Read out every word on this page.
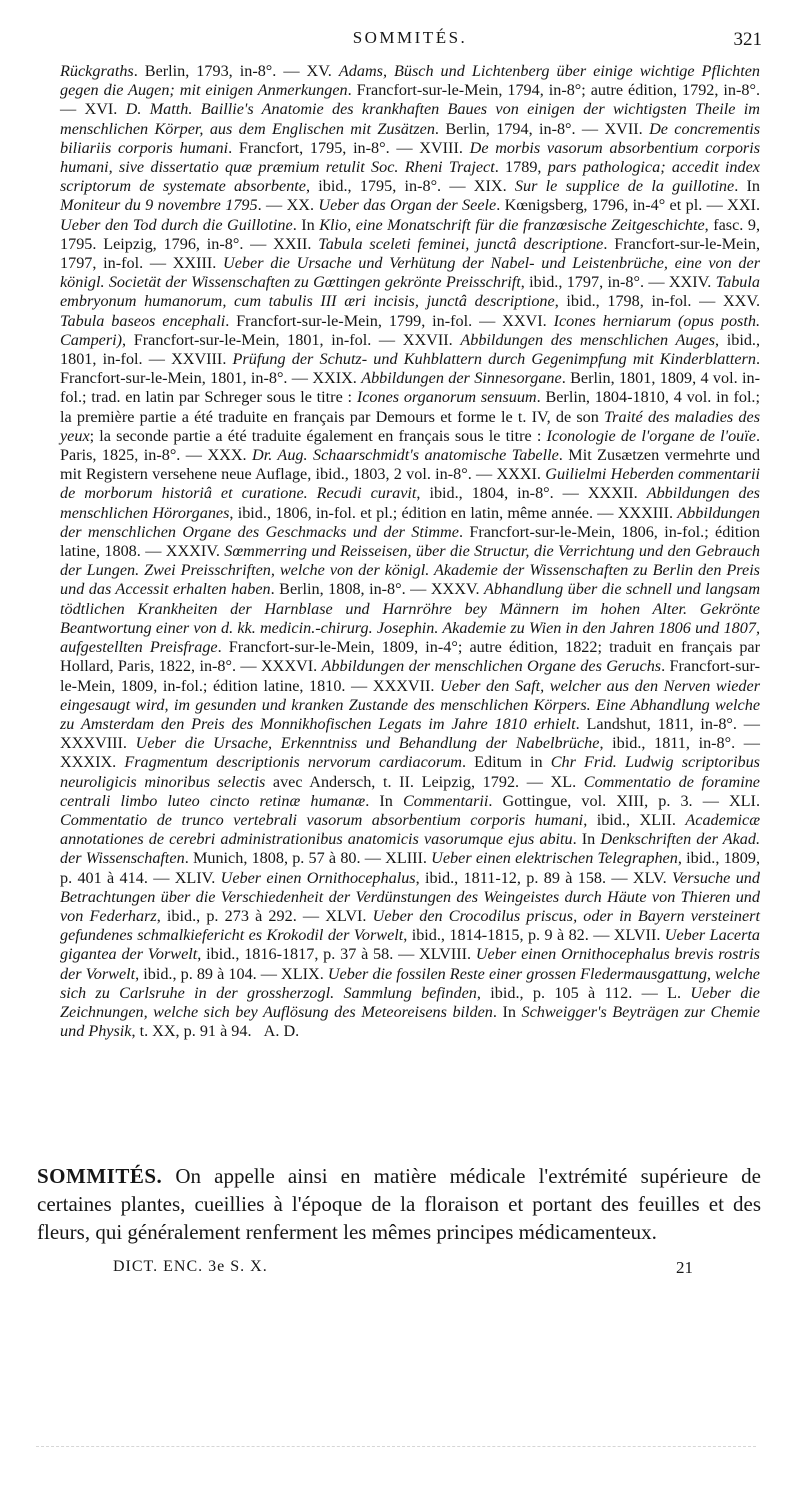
SOMMITÉS.	321

Rückgraths. Berlin, 1793, in-8°. — XV. Adams, Büsch und Lichtenberg über einige wichtige Pflichten gegen die Augen; mit einigen Anmerkungen. Francfort-sur-le-Mein, 1794, in-8°; autre édition, 1792, in-8°. — XVI. D. Matth. Baillie's Anatomie des krankhaften Baues von einigen der wichtigsten Theile im menschlichen Körper, aus dem Englischen mit Zusätzen. Berlin, 1794, in-8°. — XVII. De concrementis biliariis corporis humani. Francfort, 1795, in-8°. — XVIII. De morbis vasorum absorbentium corporis humani, sive dissertatio quæ præmium retulit Soc. Rheni Traject. 1789, pars pathologica; accedit index scriptorum de systemate absorbente, ibid., 1795, in-8°. — XIX. Sur le supplice de la guillotine. In Moniteur du 9 novembre 1795. — XX. Ueber das Organ der Seele. Kœnigsberg, 1796, in-4° et pl. — XXI. Ueber den Tod durch die Guillotine. In Klio, eine Monatschrift für die franzœsische Zeitgeschichte, fasc. 9, 1795. Leipzig, 1796, in-8°. — XXII. Tabula sceleti feminei, junctâ descriptione. Francfort-sur-le-Mein, 1797, in-fol. — XXIII. Ueber die Ursache und Verhütung der Nabel- und Leistenbrüche, eine von der königl. Societät der Wissenschaften zu Gœttingen gekrönte Preisschrift, ibid., 1797, in-8°. — XXIV. Tabula embryonum humanorum, cum tabulis III æri incisis, junctâ descriptione, ibid., 1798, in-fol. — XXV. Tabula baseos encephali. Francfort-sur-le-Mein, 1799, in-fol. — XXVI. Icones herniarum (opus posth. Camperi), Francfort-sur-le-Mein, 1801, in-fol. — XXVII. Abbildungen des menschlichen Auges, ibid., 1801, in-fol. — XXVIII. Prüfung der Schutz- und Kuhblattern durch Gegenimpfung mit Kinderblattern. Francfort-sur-le-Mein, 1801, in-8°. — XXIX. Abbildungen der Sinnesorgane. Berlin, 1801, 1809, 4 vol. in-fol.; trad. en latin par Schreger sous le titre : Icones organorum sensuum. Berlin, 1804-1810, 4 vol. in fol.; la première partie a été traduite en français par Demours et forme le t. IV, de son Traité des maladies des yeux; la seconde partie a été traduite également en français sous le titre : Iconologie de l'organe de l'ouïe. Paris, 1825, in-8°. — XXX. Dr. Aug. Schaarschmidt's anatomische Tabelle. Mit Zusætzen vermehrte und mit Registern versehene neue Auflage, ibid., 1803, 2 vol. in-8°. — XXXI. Guilielmi Heberden commentarii de morborum historiâ et curatione. Recudi curavit, ibid., 1804, in-8°. — XXXII. Abbildungen des menschlichen Hörorganes, ibid., 1806, in-fol. et pl.; édition en latin, même année. — XXXIII. Abbildungen der menschlichen Organe des Geschmacks und der Stimme. Francfort-sur-le-Mein, 1806, in-fol.; édition latine, 1808. — XXXIV. Sœmmerring und Reisseisen, über die Structur, die Verrichtung und den Gebrauch der Lungen. Zwei Preisschriften, welche von der königl. Akademie der Wissenschaften zu Berlin den Preis und das Accessit erhalten haben. Berlin, 1808, in-8°. — XXXV. Abhandlung über die schnell und langsam tödtlichen Krankheiten der Harnblase und Harnröhre bey Männern im hohen Alter. Gekrönte Beantwortung einer von d. kk. medicin.-chirurg. Josephin. Akademie zu Wien in den Jahren 1806 und 1807, aufgestellten Preisfrage. Francfort-sur-le-Mein, 1809, in-4°; autre édition, 1822; traduit en français par Hollard, Paris, 1822, in-8°. — XXXVI. Abbildungen der menschlichen Organe des Geruchs. Francfort-sur-le-Mein, 1809, in-fol.; édition latine, 1810. — XXXVII. Ueber den Saft, welcher aus den Nerven wieder eingesaugt wird, im gesunden und kranken Zustande des menschlichen Körpers. Eine Abhandlung welche zu Amsterdam den Preis des Monnikhofischen Legats im Jahre 1810 erhielt. Landshut, 1811, in-8°. — XXXVIII. Ueber die Ursache, Erkenntniss und Behandlung der Nabelbrüche, ibid., 1811, in-8°. — XXXIX. Fragmentum descriptionis nervorum cardiacorum. Editum in Chr Frid. Ludwig scriptoribus neuroligicis minoribus selectis avec Andersch, t. II. Leipzig, 1792. — XL. Commentatio de foramine centrali limbo luteo cincto retinæ humanæ. In Commentarii. Gottingue, vol. XIII, p. 3. — XLI. Commentatio de trunco vertebrali vasorum absorbentium corporis humani, ibid., XLII. Academicæ annotationes de cerebri administrationibus anatomicis vasorumque ejus abitu. In Denkschriften der Akad. der Wissenschaften. Munich, 1808, p. 57 à 80. — XLIII. Ueber einen elektrischen Telegraphen, ibid., 1809, p. 401 à 414. — XLIV. Ueber einen Ornithocephalus, ibid., 1811-12, p. 89 à 158. — XLV. Versuche und Betrachtungen über die Verschiedenheit der Verdünstungen des Weingeistes durch Häute von Thieren und von Federharz, ibid., p. 273 à 292. — XLVI. Ueber den Crocodilus priscus, oder in Bayern versteinert gefundenes schmalkiefericht es Krokodil der Vorwelt, ibid., 1814-1815, p. 9 à 82. — XLVII. Ueber Lacerta gigantea der Vorwelt, ibid., 1816-1817, p. 37 à 58. — XLVIII. Ueber einen Ornithocephalus brevis rostris der Vorwelt, ibid., p. 89 à 104. — XLIX. Ueber die fossilen Reste einer grossen Fledermausgattung, welche sich zu Carlsruhe in der grossherzogl. Sammlung befinden, ibid., p. 105 à 112. — L. Ueber die Zeichnungen, welche sich bey Auflösung des Meteoreisens bilden. In Schweigger's Beyträgen zur Chemie und Physik, t. XX, p. 91 à 94. A. D.

SOMMITÉS. On appelle ainsi en matière médicale l'extrémité supérieure de certaines plantes, cueillies à l'époque de la floraison et portant des feuilles et des fleurs, qui généralement renferment les mêmes principes médicamenteux.

DICT. ENC. 3e S. X.	21
